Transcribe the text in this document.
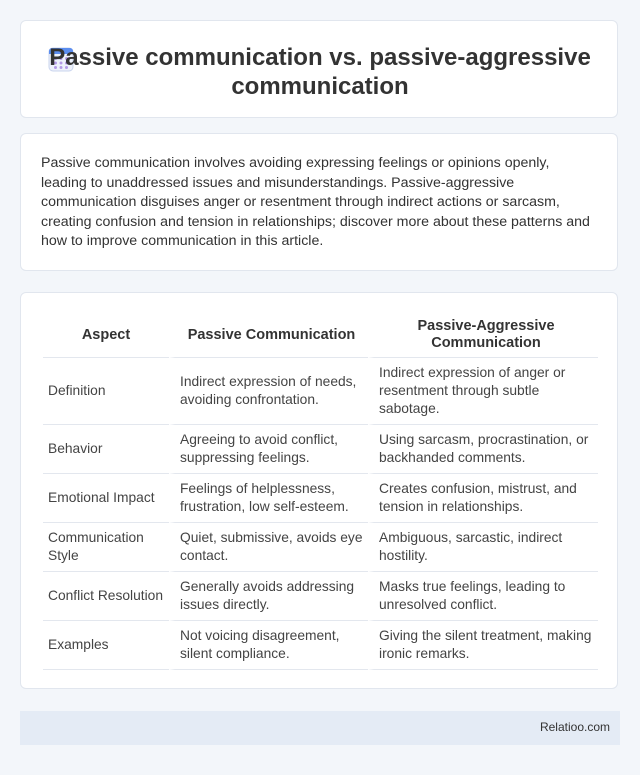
Passive communication vs. passive-aggressive communication

Passive communication involves avoiding expressing feelings or opinions openly, leading to unaddressed issues and misunderstandings. Passive-aggressive communication disguises anger or resentment through indirect actions or sarcasm, creating confusion and tension in relationships; discover more about these patterns and how to improve communication in this article.

Aspect	Passive Communication	Passive-Aggressive Communication
Definition	Indirect expression of needs, avoiding confrontation.	Indirect expression of anger or resentment through subtle sabotage.
Behavior	Agreeing to avoid conflict, suppressing feelings.	Using sarcasm, procrastination, or backhanded comments.
Emotional Impact	Feelings of helplessness, frustration, low self-esteem.	Creates confusion, mistrust, and tension in relationships.
Communication Style	Quiet, submissive, avoids eye contact.	Ambiguous, sarcastic, indirect hostility.
Conflict Resolution	Generally avoids addressing issues directly.	Masks true feelings, leading to unresolved conflict.
Examples	Not voicing disagreement, silent compliance.	Giving the silent treatment, making ironic remarks.
Relatioo.com
